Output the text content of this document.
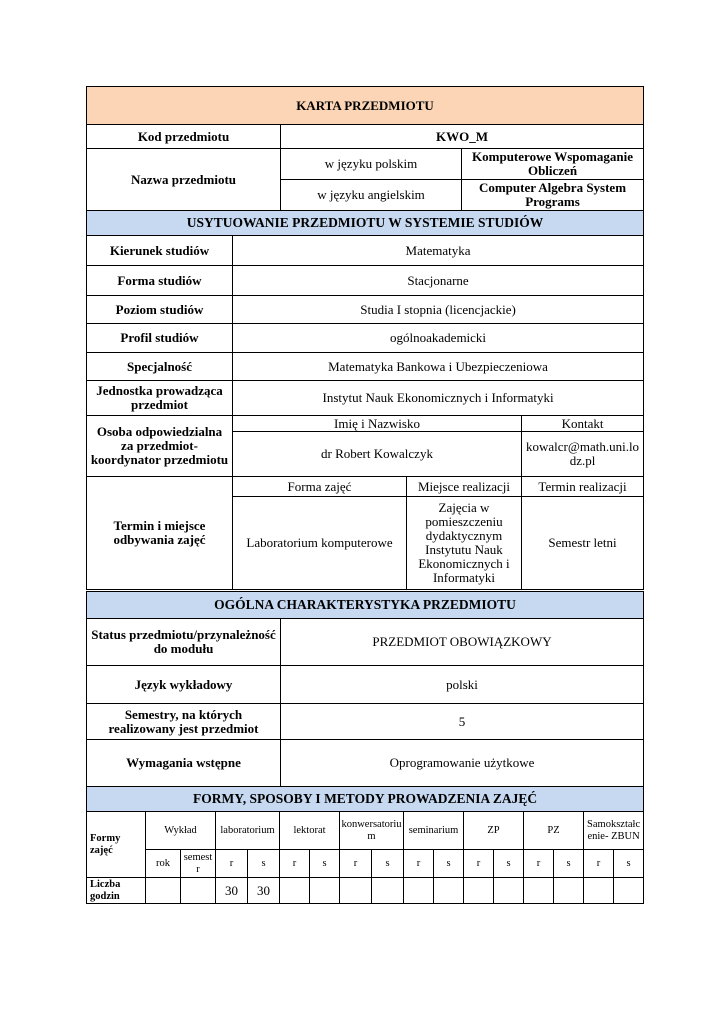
KARTA PRZEDMIOTU		
Kod przedmiotu	KWO_M	
Nazwa przedmiotu	w języku polskim	Komputerowe Wspomaganie Obliczeń
	w języku angielskim	Computer Algebra System Programs
USYTUOWANIE PRZEDMIOTU W SYSTEMIE STUDIÓW			
Kierunek studiów	Matematyka		
Forma studiów	Stacjonarne		
Poziom studiów	Studia I stopnia (licencjackie)		
Profil studiów	ogólnoakademicki		
Specjalność	Matematyka Bankowa i Ubezpieczeniowa		
Jednostka prowadząca przedmiot	Instytut Nauk Ekonomicznych i Informatyki		
Osoba odpowiedzialna za przedmiot- koordynator przedmiotu	Imię i Nazwisko		Kontakt
	dr Robert Kowalczyk		kowalcr@math.uni.lodz.pl
Termin i miejsce odbywania zajęć	Forma zajęć	Miejsce realizacji	Termin realizacji
	Laboratorium komputerowe	Zajęcia w pomieszczeniu dydaktycznym Instytutu Nauk Ekonomicznych i Informatyki	Semestr letni
OGÓLNA CHARAKTERYSTYKA PRZEDMIOTU	
Status przedmiotu/przynależność do modułu	PRZEDMIOT OBOWIĄZKOWY
Język wykładowy	polski
Semestry, na których realizowany jest przedmiot	5
Wymagania wstępne	Oprogramowanie użytkowe
FORMY, SPOSOBY I METODY PROWADZENIA ZAJĘĆ																
Formy zajęć	Wykład		laboratorium		lektorat		konwersatorium		seminarium		ZP		PZ		Samokształcenie- ZBUN	
	rok	semestr	r	s	r	s	r	s	r	s	r	s	r	s	r	s
Liczba godzin			30	30												
